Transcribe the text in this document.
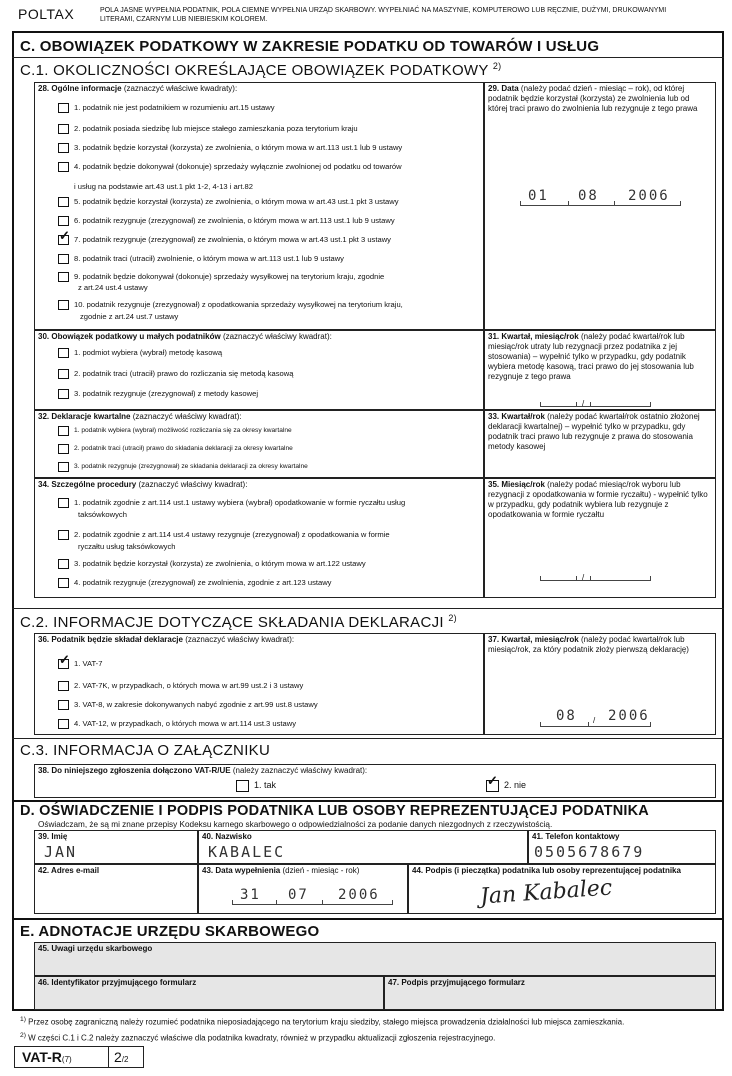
POLTAX	POLA JASNE WYPEŁNIA PODATNIK, POLA CIEMNE WYPEŁNIA URZĄD SKARBOWY. WYPEŁNIAĆ NA MASZYNIE, KOMPUTEROWO LUB RĘCZNIE, DUŻYMI, DRUKOWANYMI LITERAMI, CZARNYM LUB NIEBIESKIM KOLOREM.
C. OBOWIĄZEK PODATKOWY W ZAKRESIE PODATKU OD TOWARÓW I USŁUG
C.1. OKOLICZNOŚCI OKREŚLAJĄCE OBOWIĄZEK PODATKOWY $^{2)}$
28. Ogólne informacje (zaznaczyć właściwe kwadraty):
1. podatnik nie jest podatnikiem w rozumieniu art.15 ustawy
2. podatnik posiada siedzibę lub miejsce stałego zamieszkania poza terytorium kraju
3. podatnik będzie korzystał (korzysta) ze zwolnienia, o którym mowa w art.113 ust.1 lub 9 ustawy
4. podatnik będzie dokonywał (dokonuje) sprzedaży wyłącznie zwolnionej od podatku od towarów
i usług na podstawie art.43 ust.1 pkt 1-2, 4-13 i art.82
5. podatnik będzie korzystał (korzysta) ze zwolnienia, o którym mowa w art.43 ust.1 pkt 3 ustawy
6. podatnik rezygnuje (zrezygnował) ze zwolnienia, o którym mowa w art.113 ust.1 lub 9 ustawy
✓
7. podatnik rezygnuje (zrezygnował) ze zwolnienia, o którym mowa w art.43 ust.1 pkt 3 ustawy
8. podatnik traci (utracił) zwolnienie, o którym mowa w art.113 ust.1 lub 9 ustawy
9. podatnik będzie dokonywał (dokonuje) sprzedaży wysyłkowej na terytorium kraju, zgodnie
z art.24 ust.4 ustawy
10. podatnik rezygnuje (zrezygnował) z opodatkowania sprzedaży wysyłkowej na terytorium kraju,
zgodnie z art.24 ust.7 ustawy
29. Data (należy podać dzień - miesiąc – rok), od której podatnik będzie korzystał (korzysta) ze zwolnienia lub od której traci prawo do zwolnienia lub rezygnuje z tego prawa
01 08 2006
30. Obowiązek podatkowy u małych podatników (zaznaczyć właściwy kwadrat):
1. podmiot wybiera (wybrał) metodę kasową
2. podatnik traci (utracił) prawo do rozliczania się metodą kasową
3. podatnik rezygnuje (zrezygnował) z metody kasowej
31. Kwartał, miesiąc/rok (należy podać kwartał/rok lub miesiąc/rok utraty lub rezygnacji przez podatnika z jej stosowania) – wypełnić tylko w przypadku, gdy podatnik wybiera metodę kasową, traci prawo do jej stosowania lub rezygnuje z tego prawa
/
32. Deklaracje kwartalne (zaznaczyć właściwy kwadrat):
1. podatnik wybiera (wybrał) możliwość rozliczania się za okresy kwartalne
2. podatnik traci (utracił) prawo do składania deklaracji za okresy kwartalne
3. podatnik rezygnuje (zrezygnował) ze składania deklaracji za okresy kwartalne
33. Kwartał/rok (należy podać kwartał/rok ostatnio złożonej deklaracji kwartalnej) – wypełnić tylko w przypadku, gdy podatnik traci prawo lub rezygnuje z prawa do stosowania metody kasowej
34. Szczególne procedury (zaznaczyć właściwy kwadrat):
1. podatnik zgodnie z art.114 ust.1 ustawy wybiera (wybrał) opodatkowanie w formie ryczałtu usług
taksówkowych
2. podatnik zgodnie z art.114 ust.4 ustawy rezygnuje (zrezygnował) z opodatkowania w formie
ryczałtu usług taksówkowych
3. podatnik będzie korzystał (korzysta) ze zwolnienia, o którym mowa w art.122 ustawy
4. podatnik rezygnuje (zrezygnował) ze zwolnienia, zgodnie z art.123 ustawy
35. Miesiąc/rok (należy podać miesiąc/rok wyboru lub rezygnacji z opodatkowania w formie ryczałtu) - wypełnić tylko w przypadku, gdy podatnik wybiera lub rezygnuje z opodatkowania w formie ryczałtu
/
C.2. INFORMACJE DOTYCZĄCE SKŁADANIA DEKLARACJI $^{2)}$
36. Podatnik będzie składał deklaracje (zaznaczyć właściwy kwadrat):
✓
1. VAT-7
2. VAT-7K, w przypadkach, o których mowa w art.99 ust.2 i 3 ustawy
3. VAT-8, w zakresie dokonywanych nabyć zgodnie z art.99 ust.8 ustawy
4. VAT-12, w przypadkach, o których mowa w art.114 ust.3 ustawy
37. Kwartał, miesiąc/rok (należy podać kwartał/rok lub miesiąc/rok, za który podatnik złoży pierwszą deklarację)
08 / 2006
C.3. INFORMACJA O ZAŁĄCZNIKU
38. Do niniejszego zgłoszenia dołączono VAT-R/UE (należy zaznaczyć właściwy kwadrat):
1. tak
✓	2. nie
D. OŚWIADCZENIE I PODPIS PODATNIKA LUB OSOBY REPREZENTUJĄCEJ PODATNIKA
Oświadczam, że są mi znane przepisy Kodeksu karnego skarbowego o odpowiedzialności za podanie danych niezgodnych z rzeczywistością.
39. Imię
JAN
40. Nazwisko
KABALEC
41. Telefon kontaktowy
0505678679
42. Adres e-mail	43. Data wypełnienia (dzień - miesiąc - rok)
31 07 2006
44. Podpis (i pieczątka) podatnika lub osoby reprezentującej podatnika
Jan Kabalec
E. ADNOTACJE URZĘDU SKARBOWEGO
45. Uwagi urzędu skarbowego
46. Identyfikator przyjmującego formularz	47. Podpis przyjmującego formularz
$^{1)}$ Przez osobę zagraniczną należy rozumieć podatnika nieposiadającego na terytorium kraju siedziby, stałego miejsca prowadzenia działalności lub miejsca zamieszkania.
$^{2)}$ W części C.1 i C.2 należy zaznaczyć właściwe dla podatnika kwadraty, również w przypadku aktualizacji zgłoszenia rejestracyjnego.
VAT-R(7)	2/2
